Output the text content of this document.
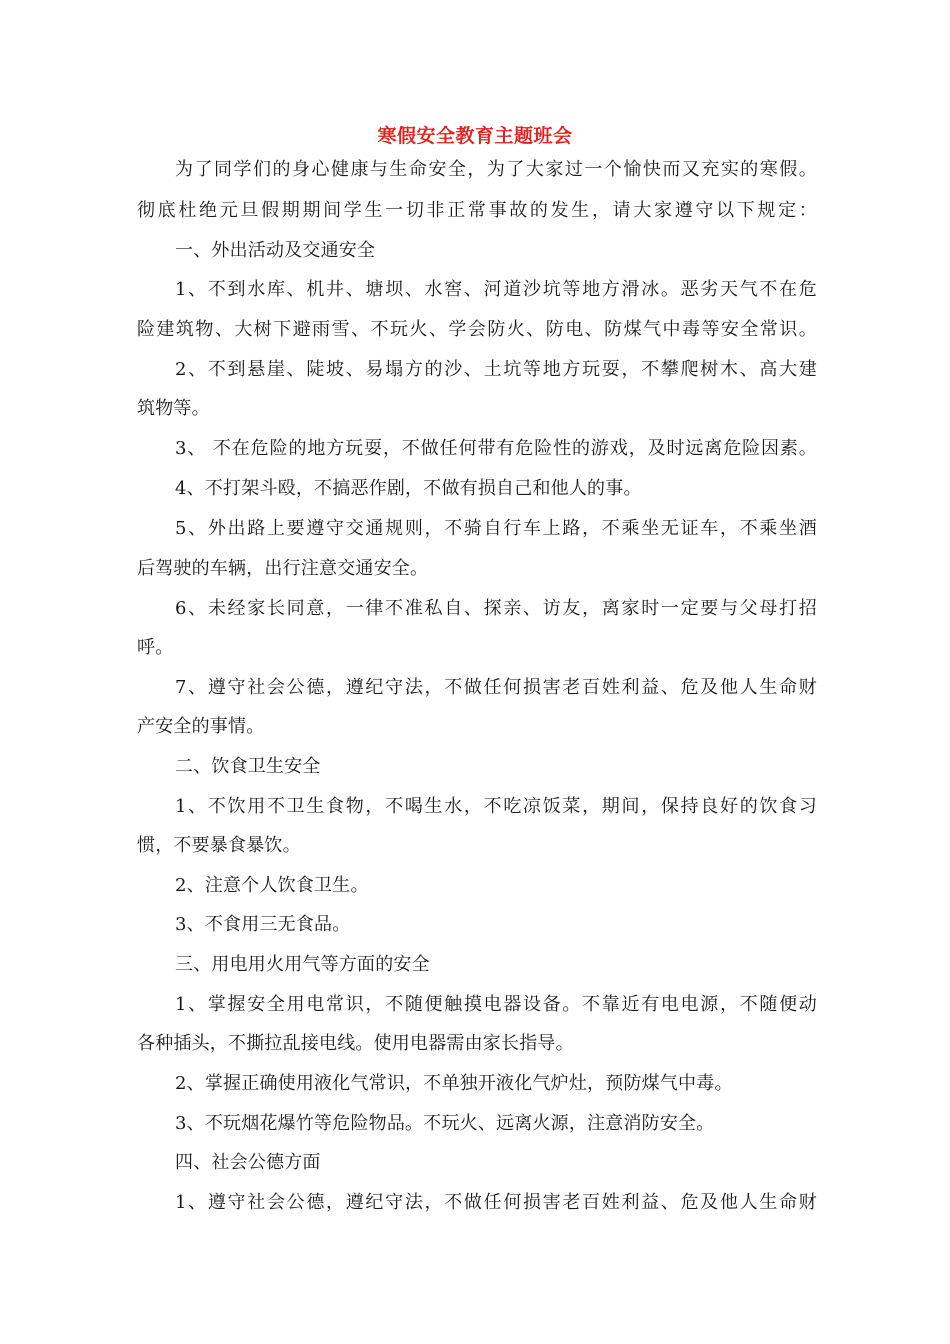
寒假安全教育主题班会
为了同学们的身心健康与生命安全，为了大家过一个愉快而又充实的寒假。
彻底杜绝元旦假期期间学生一切非正常事故的发生，请大家遵守以下规定：
一、外出活动及交通安全
1、不到水库、机井、塘坝、水窖、河道沙坑等地方滑冰。恶劣天气不在危
险建筑物、大树下避雨雪、不玩火、学会防火、防电、防煤气中毒等安全常识。
2、不到悬崖、陡坡、易塌方的沙、土坑等地方玩耍，不攀爬树木、高大建
筑物等。
3、 不在危险的地方玩耍，不做任何带有危险性的游戏，及时远离危险因素。
4、不打架斗殴，不搞恶作剧，不做有损自己和他人的事。
5、外出路上要遵守交通规则，不骑自行车上路，不乘坐无证车，不乘坐酒
后驾驶的车辆，出行注意交通安全。
6、未经家长同意，一律不准私自、探亲、访友，离家时一定要与父母打招
呼。
7、遵守社会公德，遵纪守法，不做任何损害老百姓利益、危及他人生命财
产安全的事情。
二、饮食卫生安全
1、不饮用不卫生食物，不喝生水，不吃凉饭菜，期间，保持良好的饮食习
惯，不要暴食暴饮。
2、注意个人饮食卫生。
3、不食用三无食品。
三、用电用火用气等方面的安全
1、掌握安全用电常识，不随便触摸电器设备。不靠近有电电源，不随便动
各种插头，不撕拉乱接电线。使用电器需由家长指导。
2、掌握正确使用液化气常识，不单独开液化气炉灶，预防煤气中毒。
3、不玩烟花爆竹等危险物品。不玩火、远离火源，注意消防安全。
四、社会公德方面
1、遵守社会公德，遵纪守法，不做任何损害老百姓利益、危及他人生命财
